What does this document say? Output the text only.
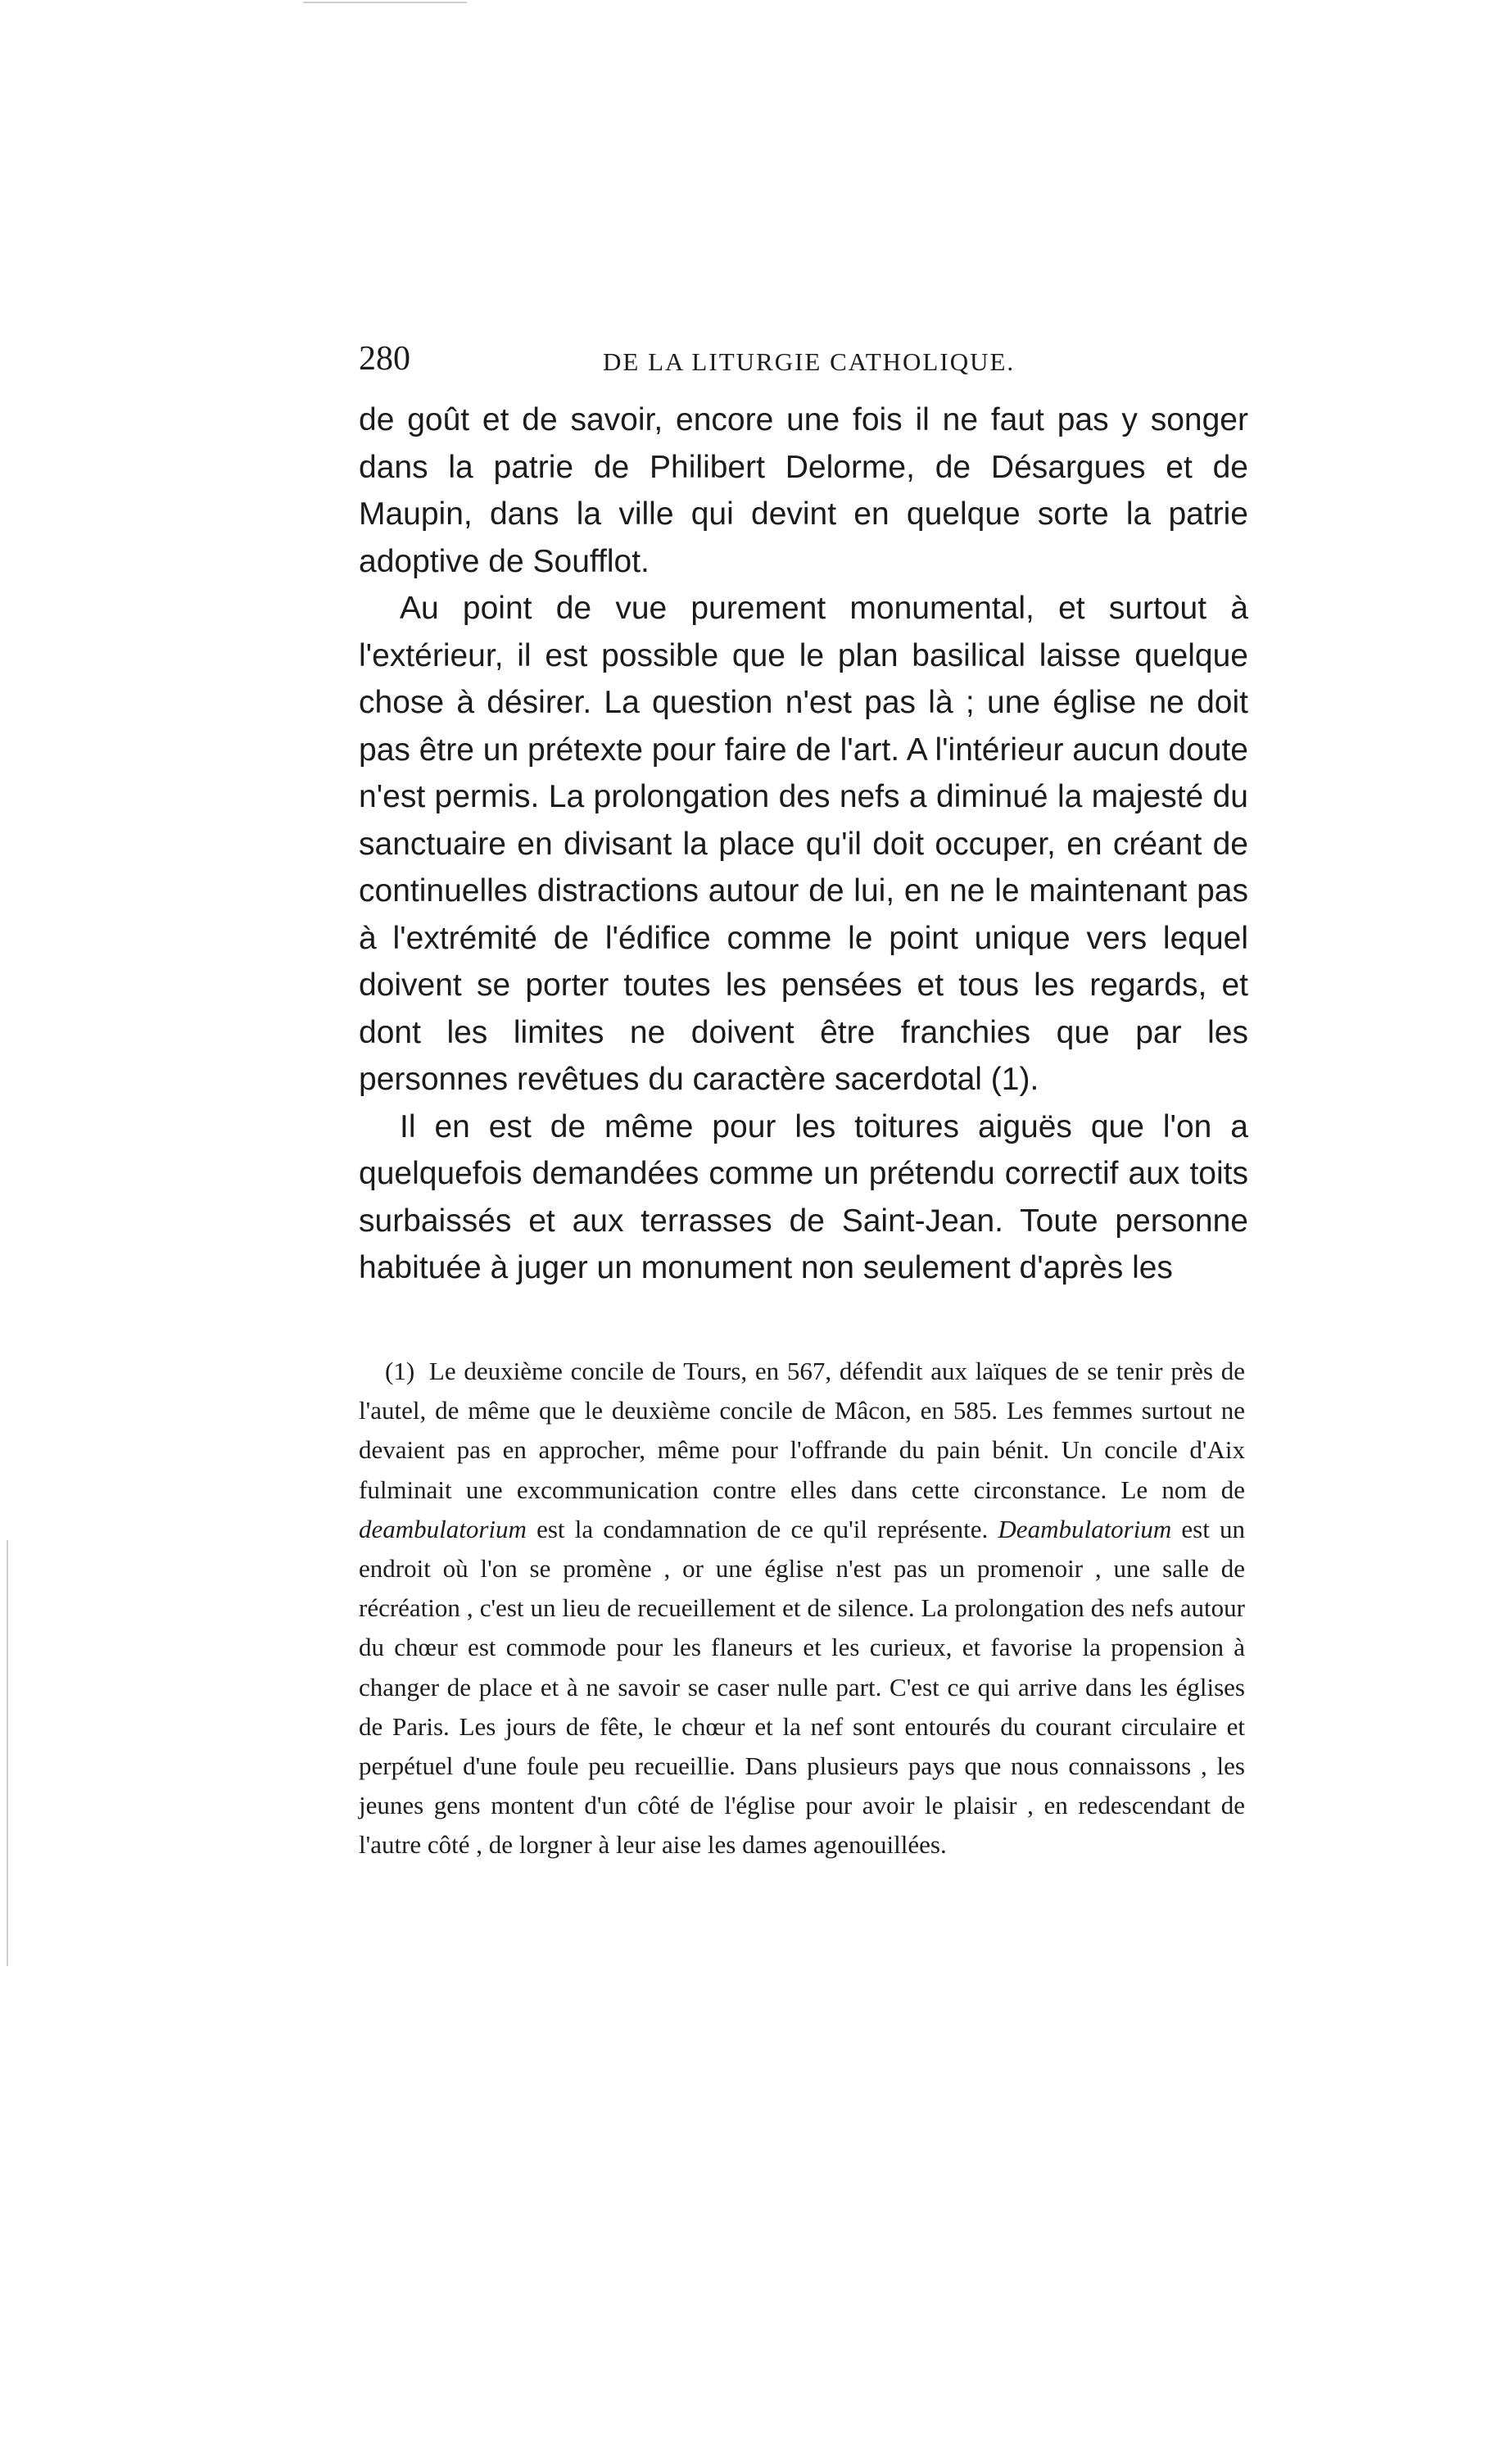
280	DE LA LITURGIE CATHOLIQUE.

de goût et de savoir, encore une fois il ne faut pas y songer dans la patrie de Philibert Delorme, de Désargues et de Maupin, dans la ville qui devint en quelque sorte la patrie adoptive de Soufflot.

Au point de vue purement monumental, et surtout à l'extérieur, il est possible que le plan basilical laisse quelque chose à désirer. La question n'est pas là ; une église ne doit pas être un prétexte pour faire de l'art. A l'intérieur aucun doute n'est permis. La prolongation des nefs a diminué la majesté du sanctuaire en divisant la place qu'il doit occuper, en créant de continuelles distractions autour de lui, en ne le maintenant pas à l'extrémité de l'édifice comme le point unique vers lequel doivent se porter toutes les pensées et tous les regards, et dont les limites ne doivent être franchies que par les personnes revêtues du caractère sacerdotal (1).

Il en est de même pour les toitures aiguës que l'on a quelquefois demandées comme un prétendu correctif aux toits surbaissés et aux terrasses de Saint-Jean. Toute personne habituée à juger un monument non seulement d'après les

(1) Le deuxième concile de Tours, en 567, défendit aux laïques de se tenir près de l'autel, de même que le deuxième concile de Mâcon, en 585. Les femmes surtout ne devaient pas en approcher, même pour l'offrande du pain bénit. Un concile d'Aix fulminait une excommunication contre elles dans cette circonstance. Le nom de deambulatorium est la condamnation de ce qu'il représente. Deambulatorium est un endroit où l'on se promène , or une église n'est pas un promenoir , une salle de récréation , c'est un lieu de recueillement et de silence. La prolongation des nefs autour du chœur est commode pour les flaneurs et les curieux, et favorise la propension à changer de place et à ne savoir se caser nulle part. C'est ce qui arrive dans les églises de Paris. Les jours de fête, le chœur et la nef sont entourés du courant circulaire et perpétuel d'une foule peu recueillie. Dans plusieurs pays que nous connaissons , les jeunes gens montent d'un côté de l'église pour avoir le plaisir , en redescendant de l'autre côté , de lorgner à leur aise les dames agenouillées.
